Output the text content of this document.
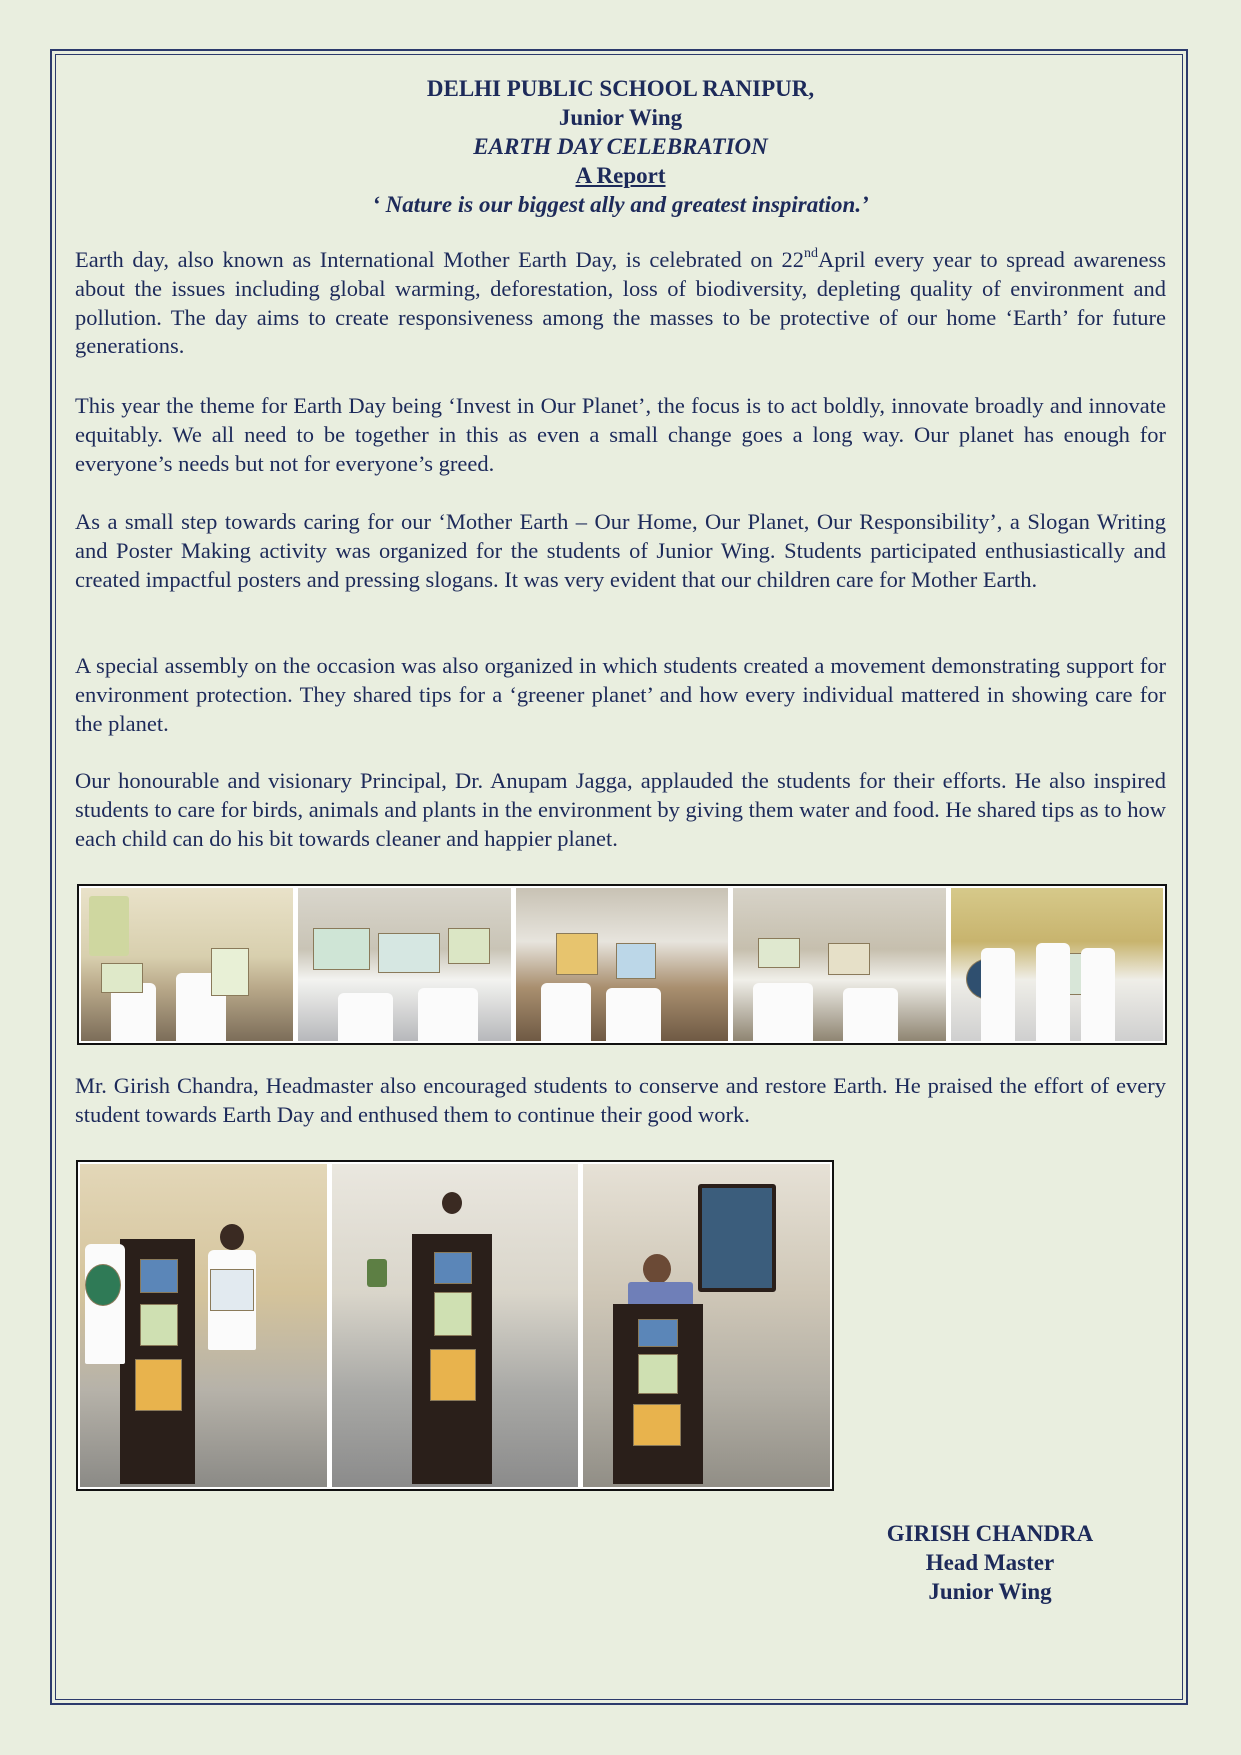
DELHI PUBLIC SCHOOL RANIPUR,
Junior Wing
EARTH DAY CELEBRATION
A Report
‘ Nature is our biggest ally and greatest inspiration.’

Earth day, also known as International Mother Earth Day, is celebrated on 22ndApril every year to spread awareness about the issues including global warming, deforestation, loss of biodiversity, depleting quality of environment and pollution. The day aims to create responsiveness among the masses to be protective of our home ‘Earth’ for future generations.

This year the theme for Earth Day being ‘Invest in Our Planet’, the focus is to act boldly, innovate broadly and innovate equitably. We all need to be together in this as even a small change goes a long way. Our planet has enough for everyone’s needs but not for everyone’s greed.

As a small step towards caring for our ‘Mother Earth – Our Home, Our Planet, Our Responsibility’, a Slogan Writing and Poster Making activity was organized for the students of Junior Wing. Students participated enthusiastically and created impactful posters and pressing slogans. It was very evident that our children care for Mother Earth.

A special assembly on the occasion was also organized in which students created a movement demonstrating support for environment protection. They shared tips for a ‘greener planet’ and how every individual mattered in showing care for the planet.

Our honourable and visionary Principal, Dr. Anupam Jagga, applauded the students for their efforts. He also inspired students to care for birds, animals and plants in the environment by giving them water and food. He shared tips as to how each child can do his bit towards cleaner and happier planet.

Mr. Girish Chandra, Headmaster also encouraged students to conserve and restore Earth. He praised the effort of every student towards Earth Day and enthused them to continue their good work.

GIRISH CHANDRA
Head Master
Junior Wing
